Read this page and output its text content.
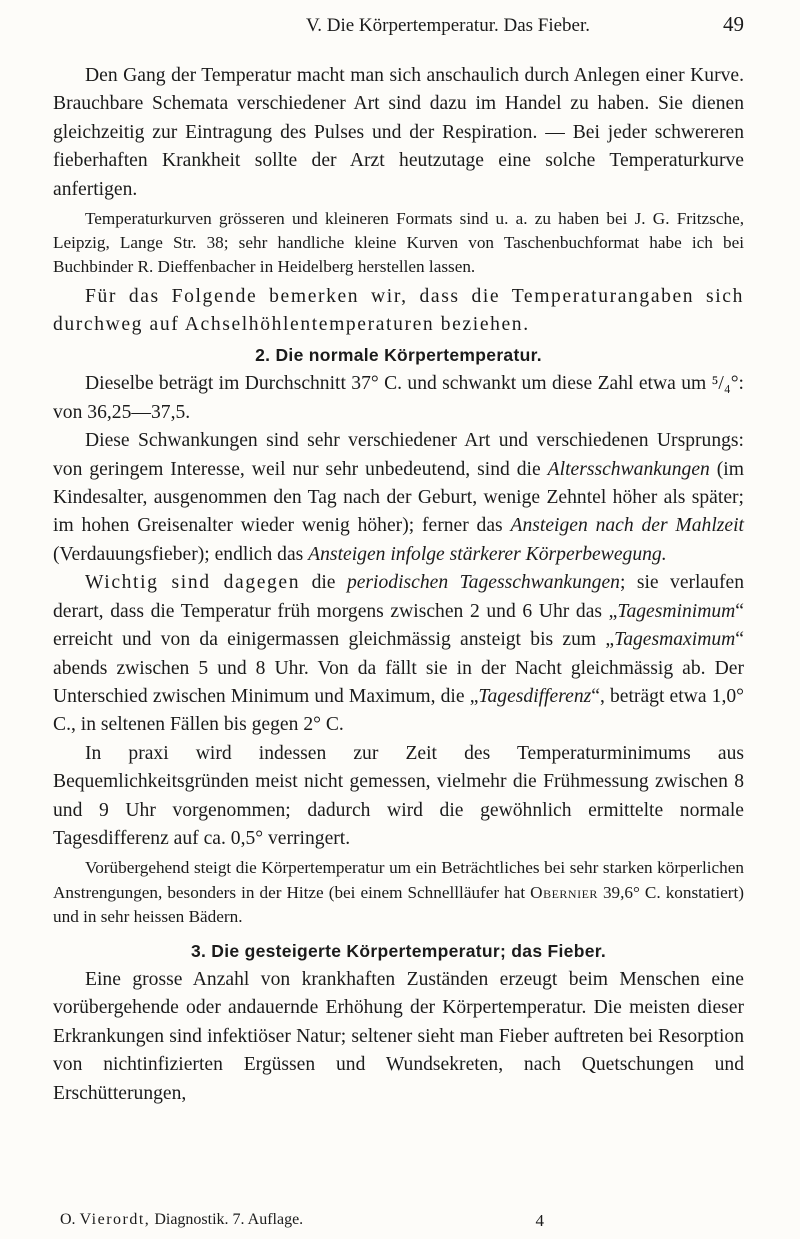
V. Die Körpertemperatur. Das Fieber.	49

Den Gang der Temperatur macht man sich anschaulich durch Anlegen einer Kurve. Brauchbare Schemata verschiedener Art sind dazu im Handel zu haben. Sie dienen gleichzeitig zur Eintragung des Pulses und der Respiration. — Bei jeder schwereren fieberhaften Krankheit sollte der Arzt heutzutage eine solche Temperaturkurve anfertigen.

Temperaturkurven grösseren und kleineren Formats sind u. a. zu haben bei J. G. Fritzsche, Leipzig, Lange Str. 38; sehr handliche kleine Kurven von Taschenbuchformat habe ich bei Buchbinder R. Dieffenbacher in Heidelberg herstellen lassen.

Für das Folgende bemerken wir, dass die Temperaturangaben sich durchweg auf Achselhöhlentemperaturen beziehen.

2. Die normale Körpertemperatur.

Dieselbe beträgt im Durchschnitt 37° C. und schwankt um diese Zahl etwa um ⁵/₄°: von 36,25—37,5.

Diese Schwankungen sind sehr verschiedener Art und verschiedenen Ursprungs: von geringem Interesse, weil nur sehr unbedeutend, sind die Altersschwankungen (im Kindesalter, ausgenommen den Tag nach der Geburt, wenige Zehntel höher als später; im hohen Greisenalter wieder wenig höher); ferner das Ansteigen nach der Mahlzeit (Verdauungsfieber); endlich das Ansteigen infolge stärkerer Körperbewegung.

Wichtig sind dagegen die periodischen Tagesschwankungen; sie verlaufen derart, dass die Temperatur früh morgens zwischen 2 und 6 Uhr das „Tagesminimum“ erreicht und von da einigermassen gleichmässig ansteigt bis zum „Tagesmaximum“ abends zwischen 5 und 8 Uhr. Von da fällt sie in der Nacht gleichmässig ab. Der Unterschied zwischen Minimum und Maximum, die „Tagesdifferenz“, beträgt etwa 1,0° C., in seltenen Fällen bis gegen 2° C.

In praxi wird indessen zur Zeit des Temperaturminimums aus Bequemlichkeitsgründen meist nicht gemessen, vielmehr die Frühmessung zwischen 8 und 9 Uhr vorgenommen; dadurch wird die gewöhnlich ermittelte normale Tagesdifferenz auf ca. 0,5° verringert.

Vorübergehend steigt die Körpertemperatur um ein Beträchtliches bei sehr starken körperlichen Anstrengungen, besonders in der Hitze (bei einem Schnellläufer hat Obernier 39,6° C. konstatiert) und in sehr heissen Bädern.

3. Die gesteigerte Körpertemperatur; das Fieber.

Eine grosse Anzahl von krankhaften Zuständen erzeugt beim Menschen eine vorübergehende oder andauernde Erhöhung der Körpertemperatur. Die meisten dieser Erkrankungen sind infektiöser Natur; seltener sieht man Fieber auftreten bei Resorption von nichtinfizierten Ergüssen und Wundsekreten, nach Quetschungen und Erschütterungen,

O. Vierordt, Diagnostik. 7. Auflage.	4
